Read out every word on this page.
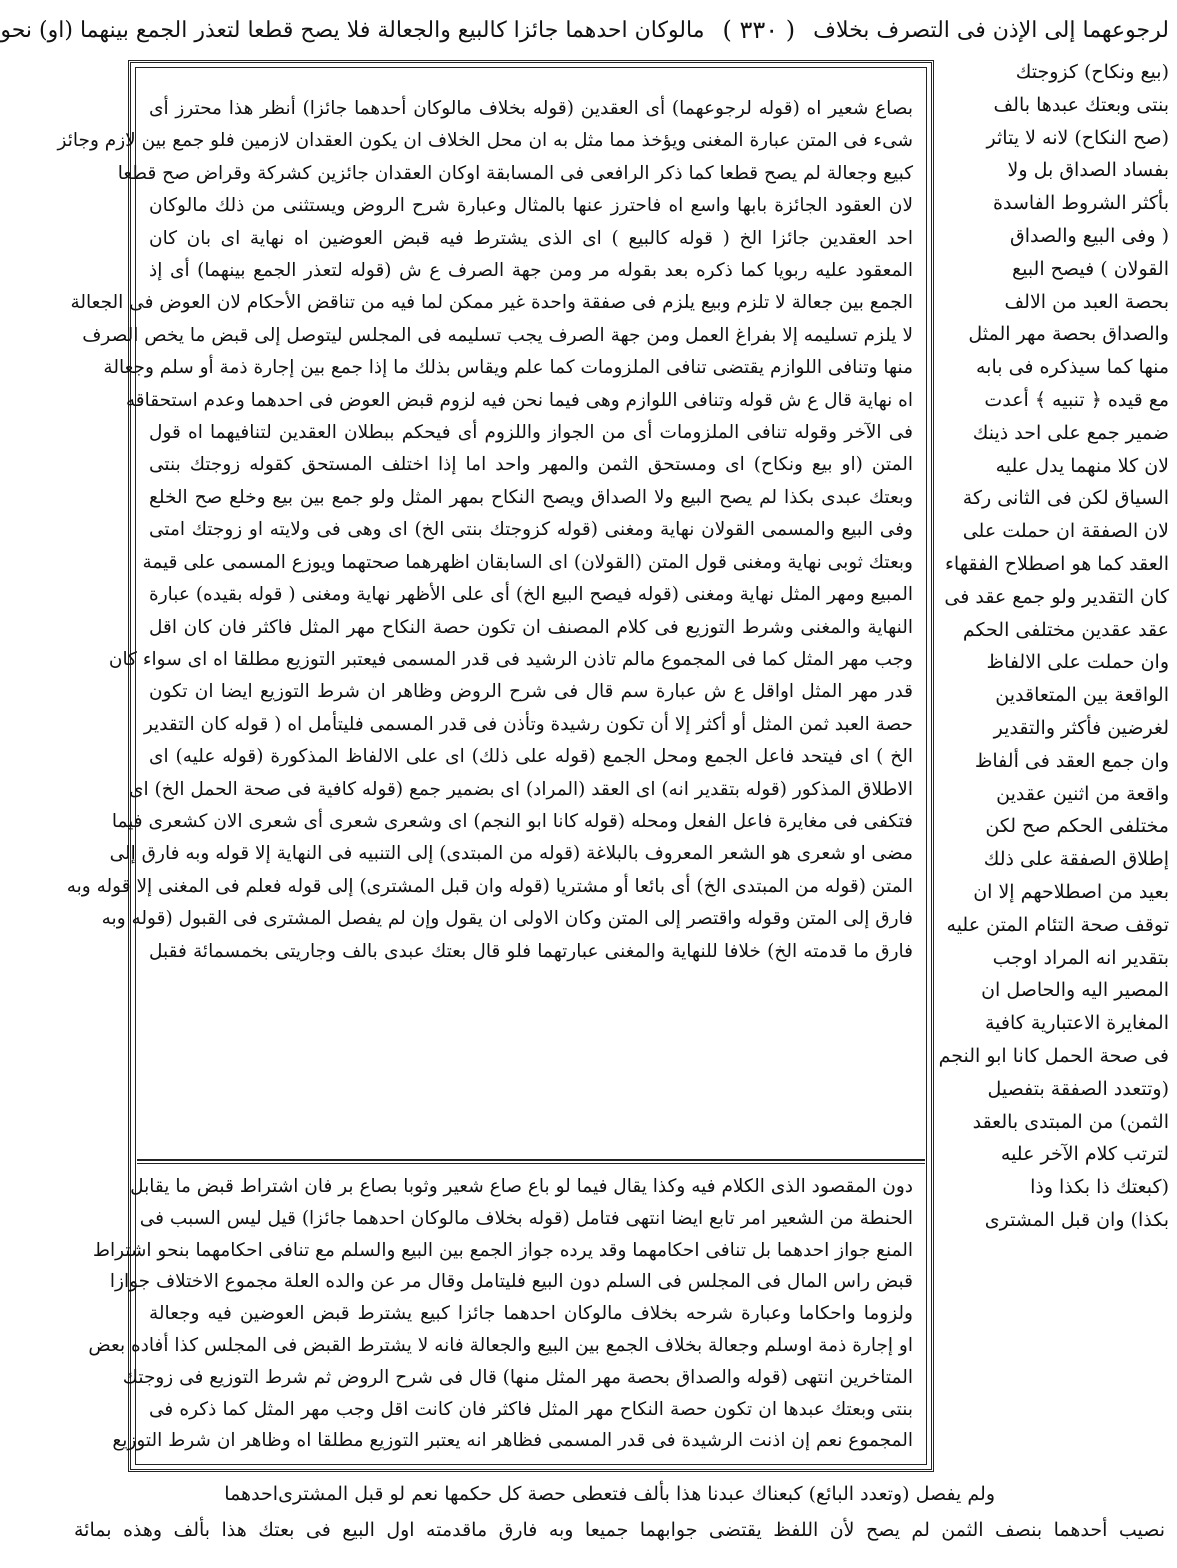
لرجوعهما إلى الإذن فى التصرف بخلاف
( ٣٣٠ )
مالوكان احدهما جائزا كالبيع والجعالة فلا يصح قطعا لتعذر الجمع بينهما (او) نحو
(بيع ونكاح) كزوجتك
بنتى وبعتك عبدها بالف
(صح النكاح) لانه لا يتاثر
بفساد الصداق بل ولا
بأكثر الشروط الفاسدة
( وفى البيع والصداق
القولان ) فيصح البيع
بحصة العبد من الالف
والصداق بحصة مهر المثل
منها كما سيذكره فى بابه
مع قيده ﴿ تنبيه ﴾ أعدت
ضمير جمع على احد ذينك
لان كلا منهما يدل عليه
السياق لكن فى الثانى ركة
لان الصفقة ان حملت على
العقد كما هو اصطلاح الفقهاء
كان التقدير ولو جمع عقد فى
عقد عقدين مختلفى الحكم
وان حملت على الالفاظ
الواقعة بين المتعاقدين
لغرضين فأكثر والتقدير
وان جمع العقد فى ألفاظ
واقعة من اثنين عقدين
مختلفى الحكم صح لكن
إطلاق الصفقة على ذلك
بعيد من اصطلاحهم إلا ان
توقف صحة التئام المتن عليه
بتقدير انه المراد اوجب
المصير اليه والحاصل ان
المغايرة الاعتبارية كافية
فى صحة الحمل كانا ابو النجم
(وتتعدد الصفقة بتفصيل
الثمن) من المبتدى بالعقد
لترتب كلام الآخر عليه
(كبعتك ذا بكذا وذا
بكذا) وان قبل المشترى
بصاع شعير اه (قوله لرجوعهما) أى العقدين (قوله بخلاف مالوكان أحدهما جائزا) أنظر هذا محترز أى
شىء فى المتن عبارة المغنى ويؤخذ مما مثل به ان محل الخلاف ان يكون العقدان لازمين فلو جمع بين لازم وجائز
كبيع وجعالة لم يصح قطعا كما ذكر الرافعى فى المسابقة اوكان العقدان جائزين كشركة وقراض صح قطعا
لان العقود الجائزة بابها واسع اه فاحترز عنها بالمثال وعبارة شرح الروض ويستثنى من ذلك مالوكان
احد العقدين جائزا الخ ( قوله كالبيع ) اى الذى يشترط فيه قبض العوضين اه نهاية اى بان كان
المعقود عليه ربويا كما ذكره بعد بقوله مر ومن جهة الصرف ع ش (قوله لتعذر الجمع بينهما) أى إذ
الجمع بين جعالة لا تلزم وبيع يلزم فى صفقة واحدة غير ممكن لما فيه من تناقض الأحكام لان العوض فى الجعالة
لا يلزم تسليمه إلا بفراغ العمل ومن جهة الصرف يجب تسليمه فى المجلس ليتوصل إلى قبض ما يخص الصرف
منها وتنافى اللوازم يقتضى تنافى الملزومات كما علم ويقاس بذلك ما إذا جمع بين إجارة ذمة أو سلم وجعالة
اه نهاية قال ع ش قوله وتنافى اللوازم وهى فيما نحن فيه لزوم قبض العوض فى احدهما وعدم استحقاقه
فى الآخر وقوله تنافى الملزومات أى من الجواز واللزوم أى فيحكم ببطلان العقدين لتنافيهما اه قول
المتن (او بيع ونكاح) اى ومستحق الثمن والمهر واحد اما إذا اختلف المستحق كقوله زوجتك بنتى
وبعتك عبدى بكذا لم يصح البيع ولا الصداق ويصح النكاح بمهر المثل ولو جمع بين بيع وخلع صح الخلع
وفى البيع والمسمى القولان نهاية ومغنى (قوله كزوجتك بنتى الخ) اى وهى فى ولايته او زوجتك امتى
وبعتك ثوبى نهاية ومغنى قول المتن (القولان) اى السابقان اظهرهما صحتهما ويوزع المسمى على قيمة
المبيع ومهر المثل نهاية ومغنى (قوله فيصح البيع الخ) أى على الأظهر نهاية ومغنى ( قوله بقيده) عبارة
النهاية والمغنى وشرط التوزيع فى كلام المصنف ان تكون حصة النكاح مهر المثل فاكثر فان كان اقل
وجب مهر المثل كما فى المجموع مالم تاذن الرشيد فى قدر المسمى فيعتبر التوزيع مطلقا اه اى سواء كان
قدر مهر المثل اواقل ع ش عبارة سم قال فى شرح الروض وظاهر ان شرط التوزيع ايضا ان تكون
حصة العبد ثمن المثل أو أكثر إلا أن تكون رشيدة وتأذن فى قدر المسمى فليتأمل اه ( قوله كان التقدير
الخ ) اى فيتحد فاعل الجمع ومحل الجمع (قوله على ذلك) اى على الالفاظ المذكورة (قوله عليه) اى
الاطلاق المذكور (قوله بتقدير انه) اى العقد (المراد) اى بضمير جمع (قوله كافية فى صحة الحمل الخ) اى
فتكفى فى مغايرة فاعل الفعل ومحله (قوله كانا ابو النجم) اى وشعرى شعرى أى شعرى الان كشعرى فيما
مضى او شعرى هو الشعر المعروف بالبلاغة (قوله من المبتدى) إلى التنبيه فى النهاية إلا قوله وبه فارق إلى
المتن (قوله من المبتدى الخ) أى بائعا أو مشتريا (قوله وان قبل المشترى) إلى قوله فعلم فى المغنى إلا قوله وبه
فارق إلى المتن وقوله واقتصر إلى المتن وكان الاولى ان يقول وإن لم يفصل المشترى فى القبول (قوله وبه
فارق ما قدمته الخ) خلافا للنهاية والمغنى عبارتهما فلو قال بعتك عبدى بالف وجاريتى بخمسمائة فقبل
دون المقصود الذى الكلام فيه وكذا يقال فيما لو باع صاع شعير وثوبا بصاع بر فان اشتراط قبض ما يقابل
الحنطة من الشعير امر تابع ايضا انتهى فتامل (قوله بخلاف مالوكان احدهما جائزا) قيل ليس السبب فى
المنع جواز احدهما بل تنافى احكامهما وقد يرده جواز الجمع بين البيع والسلم مع تنافى احكامهما بنحو اشتراط
قبض راس المال فى المجلس فى السلم دون البيع فليتامل وقال مر عن والده العلة مجموع الاختلاف جوازا
ولزوما واحكاما وعبارة شرحه بخلاف مالوكان احدهما جائزا كبيع يشترط قبض العوضين فيه وجعالة
او إجارة ذمة اوسلم وجعالة بخلاف الجمع بين البيع والجعالة فانه لا يشترط القبض فى المجلس كذا أفاده بعض
المتاخرين انتهى (قوله والصداق بحصة مهر المثل منها) قال فى شرح الروض ثم شرط التوزيع فى زوجتك
بنتى وبعتك عبدها ان تكون حصة النكاح مهر المثل فاكثر فان كانت اقل وجب مهر المثل كما ذكره فى
المجموع نعم إن اذنت الرشيدة فى قدر المسمى فظاهر انه يعتبر التوزيع مطلقا اه وظاهر ان شرط التوزيع
ولم يفصل (وتعدد البائع) كبعناك عبدنا هذا بألف فتعطى حصة كل حكمها نعم لو قبل المشترى
احدهما
نصيب أحدهما بنصف الثمن لم يصح لأن اللفظ يقتضى جوابهما جميعا وبه فارق ماقدمته اول البيع فى بعتك هذا بألف وهذه بمائة
